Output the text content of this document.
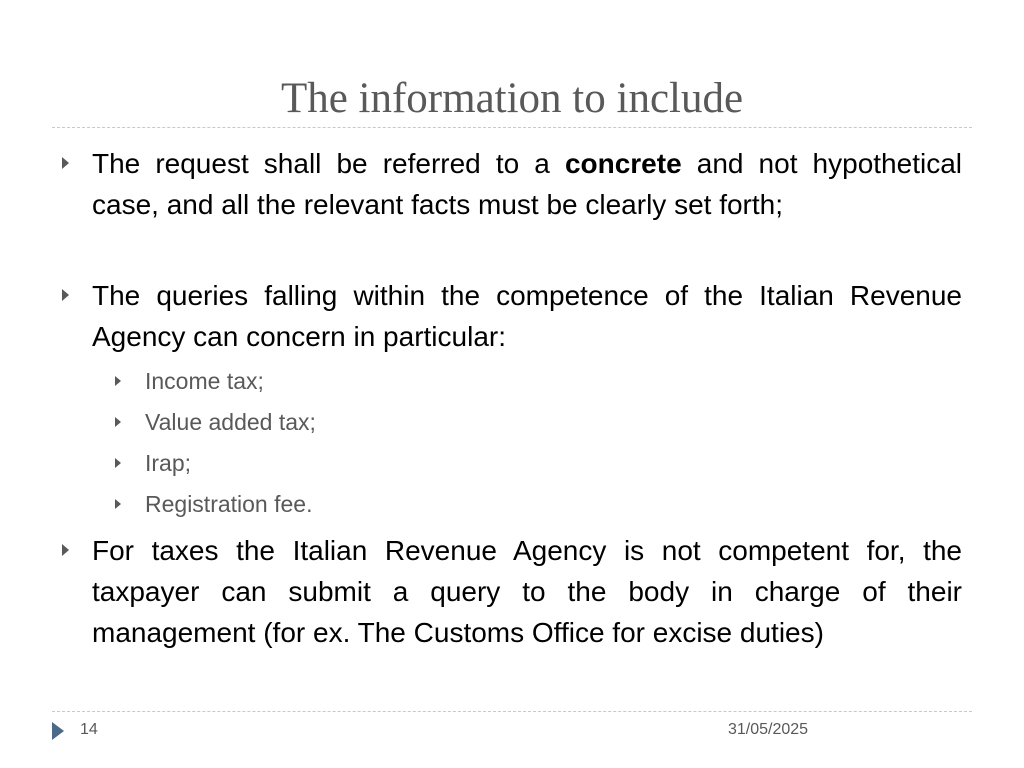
The information to include
The request shall be referred to a concrete and not hypothetical case, and all the relevant facts must be clearly set forth;
The queries falling within the competence of the Italian Revenue Agency can concern in particular:
Income tax;
Value added tax;
Irap;
Registration fee.
For taxes the Italian Revenue Agency is not competent for, the taxpayer can submit a query to the body in charge of their management (for ex. The Customs Office for excise duties)
14	31/05/2025
